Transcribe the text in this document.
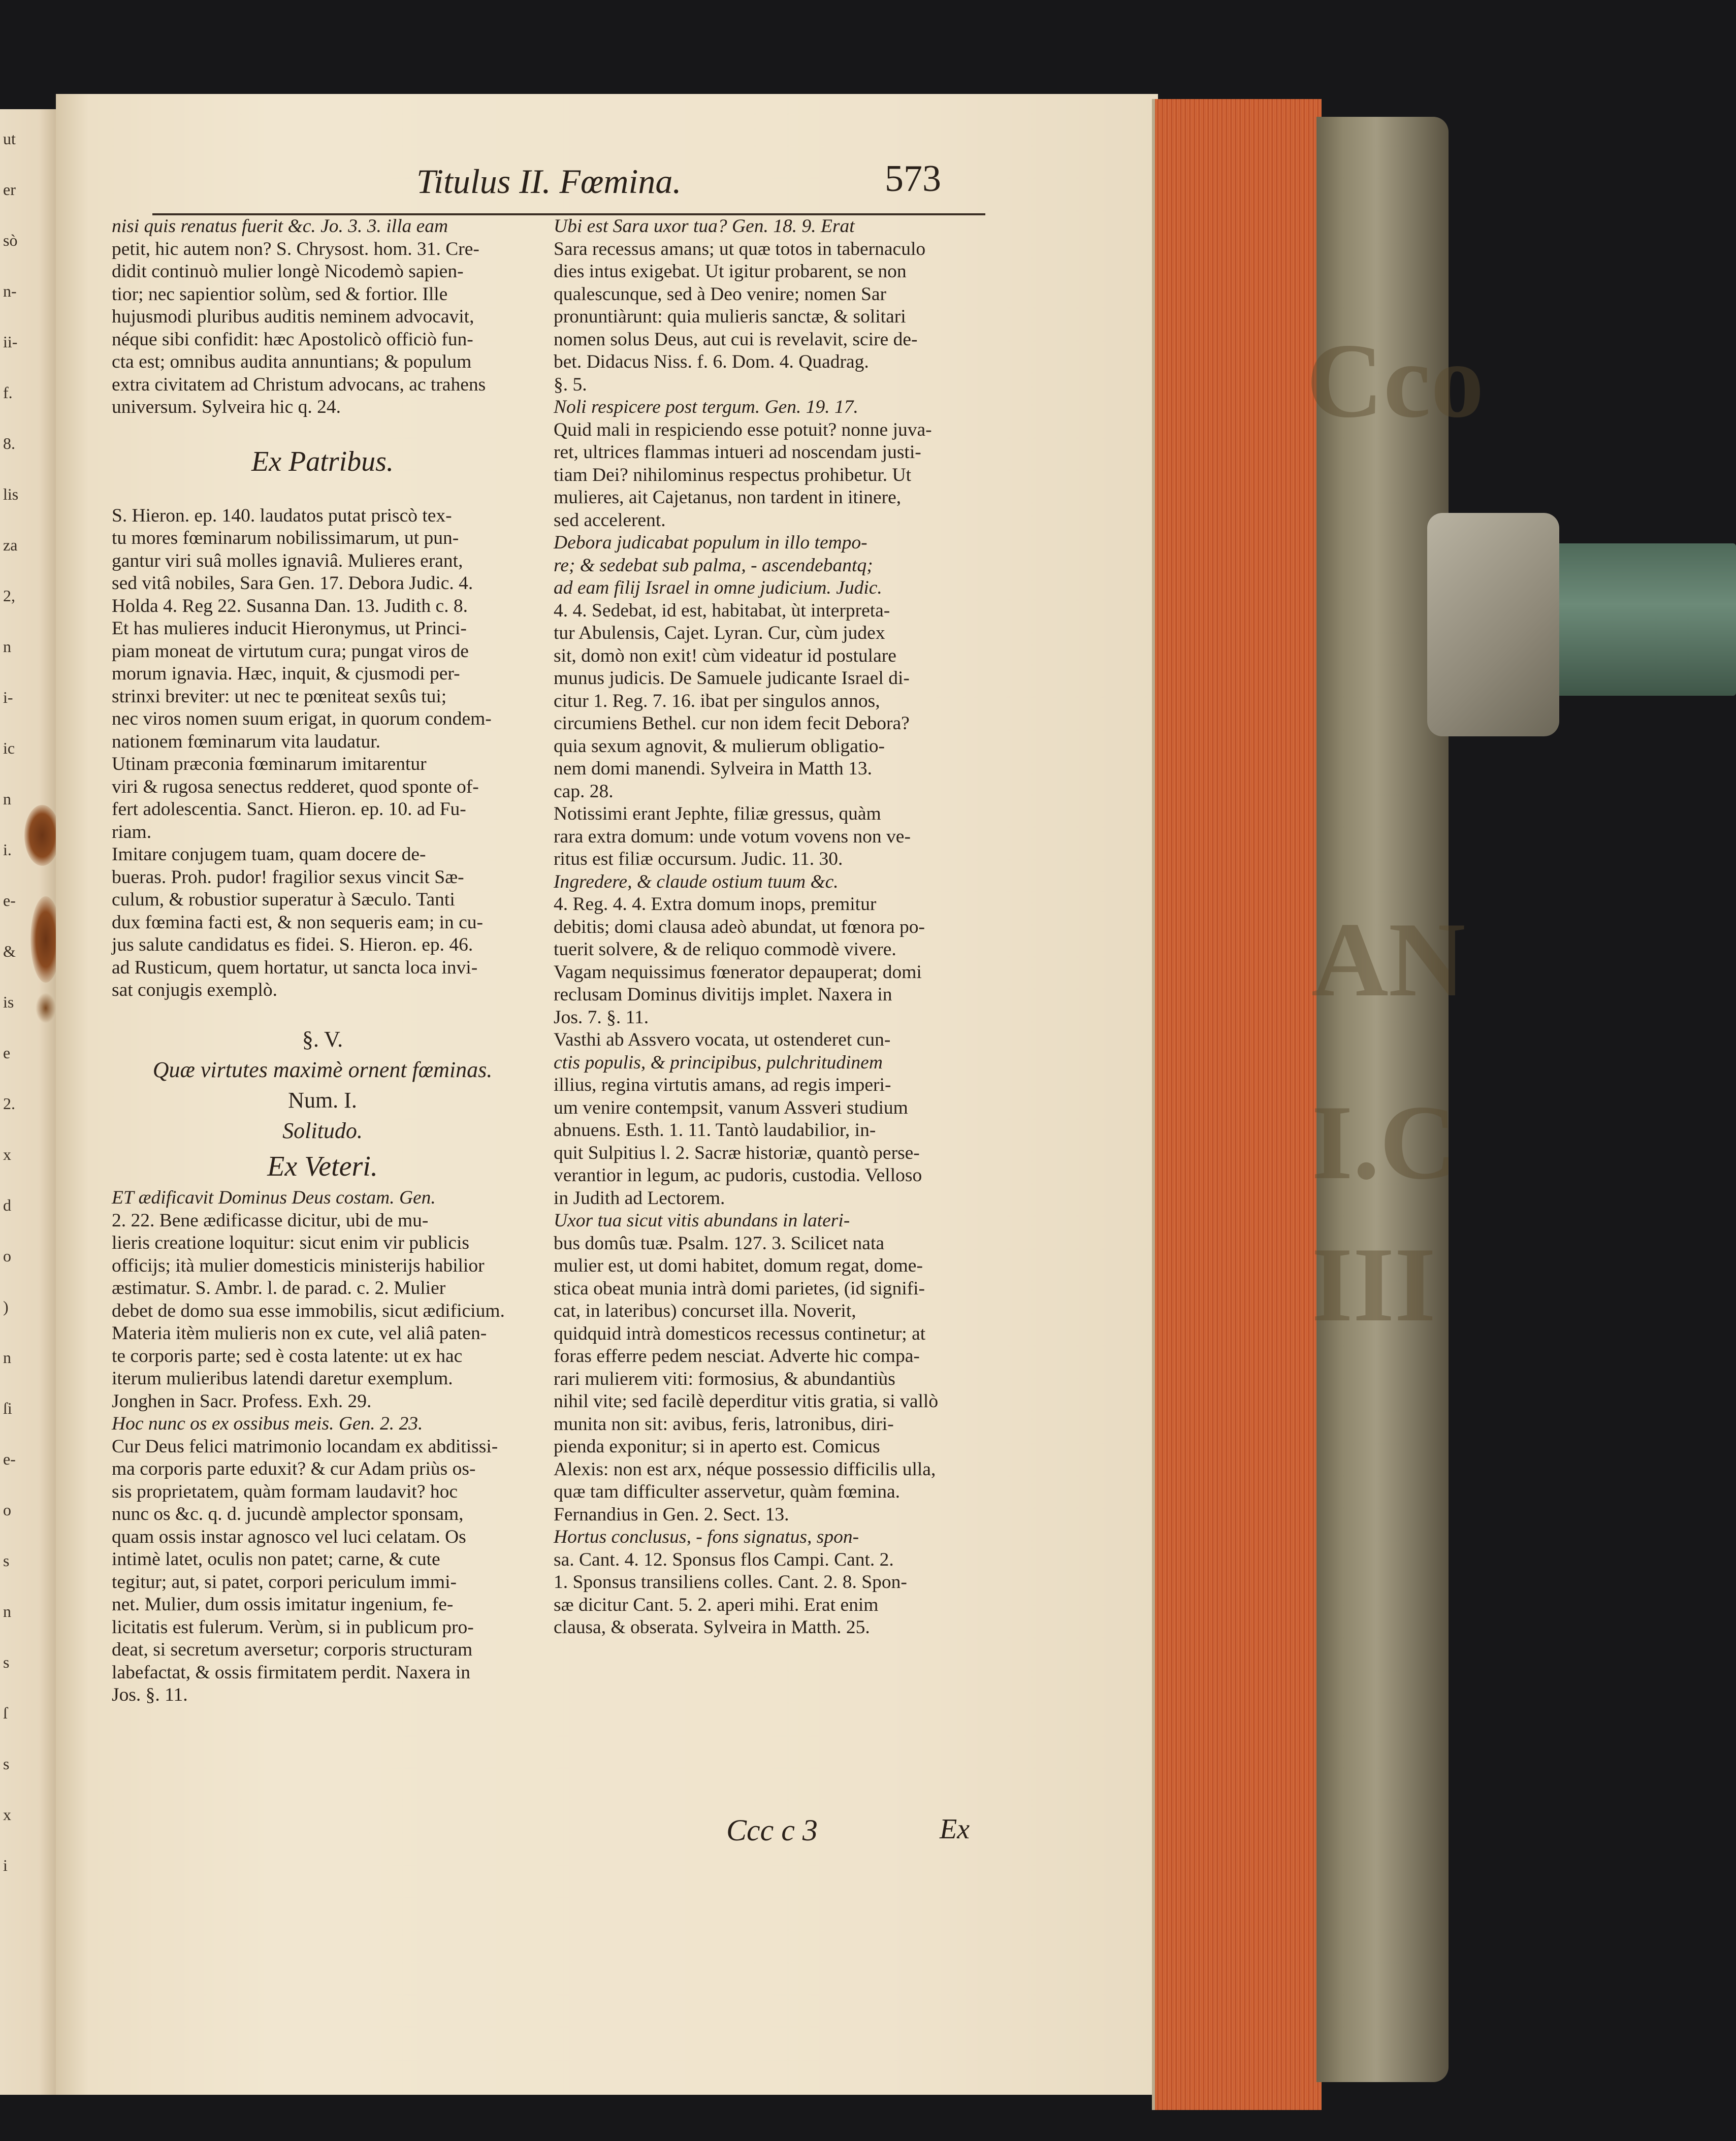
ut
er
sò
n-
ii-
f.
8.
lis
za
2,
n
i-
ic
n
i.
e-
&
is
e
2.
x
d
o
)
n
ſi
e-
o
s
n
s
ſ
s
x
i
Cco
AN
I.C
III
Titulus II. Fœmina.	573
nisi quis renatus fuerit &c. Jo. 3. 3. illa eam
petit, hic autem non? S. Chrysost. hom. 31. Cre-
didit continuò mulier longè Nicodemò sapien-
tior; nec sapientior solùm, sed & fortior. Ille
hujusmodi pluribus auditis neminem advocavit,
néque sibi confidit: hæc Apostolicò officiò fun-
cta est; omnibus audita annuntians; & populum
extra civitatem ad Christum advocans, ac trahens
universum. Sylveira hic q. 24.
Ex Patribus.
S. Hieron. ep. 140. laudatos putat priscò tex-
tu mores fœminarum nobilissimarum, ut pun-
gantur viri suâ molles ignaviâ. Mulieres erant,
sed vitâ nobiles, Sara Gen. 17. Debora Judic. 4.
Holda 4. Reg 22. Susanna Dan. 13. Judith c. 8.
Et has mulieres inducit Hieronymus, ut Princi-
piam moneat de virtutum cura; pungat viros de
morum ignavia. Hæc, inquit, & cjusmodi per-
strinxi breviter: ut nec te pœniteat sexûs tui;
nec viros nomen suum erigat, in quorum condem-
nationem fœminarum vita laudatur.
Utinam præconia fœminarum imitarentur
viri & rugosa senectus redderet, quod sponte of-
fert adolescentia. Sanct. Hieron. ep. 10. ad Fu-
riam.
Imitare conjugem tuam, quam docere de-
bueras. Proh. pudor! fragilior sexus vincit Sæ-
culum, & robustior superatur à Sæculo. Tanti
dux fœmina facti est, & non sequeris eam; in cu-
jus salute candidatus es fidei. S. Hieron. ep. 46.
ad Rusticum, quem hortatur, ut sancta loca invi-
sat conjugis exemplò.
§. V.
Quæ virtutes maximè ornent fœminas.
Num. I.
Solitudo.
Ex Veteri.
ET ædificavit Dominus Deus costam. Gen.
2. 22. Bene ædificasse dicitur, ubi de mu-
lieris creatione loquitur: sicut enim vir publicis
officijs; ità mulier domesticis ministerijs habilior
æstimatur. S. Ambr. l. de parad. c. 2. Mulier
debet de domo sua esse immobilis, sicut ædificium.
Materia itèm mulieris non ex cute, vel aliâ paten-
te corporis parte; sed è costa latente: ut ex hac
iterum mulieribus latendi daretur exemplum.
Jonghen in Sacr. Profess. Exh. 29.
Hoc nunc os ex ossibus meis. Gen. 2. 23.
Cur Deus felici matrimonio locandam ex abditissi-
ma corporis parte eduxit? & cur Adam priùs os-
sis proprietatem, quàm formam laudavit? hoc
nunc os &c. q. d. jucundè amplector sponsam,
quam ossis instar agnosco vel luci celatam. Os
intimè latet, oculis non patet; carne, & cute
tegitur; aut, si patet, corpori periculum immi-
net. Mulier, dum ossis imitatur ingenium, fe-
licitatis est fulerum. Verùm, si in publicum pro-
deat, si secretum aversetur; corporis structuram
labefactat, & ossis firmitatem perdit. Naxera in
Jos. §. 11.
Ubi est Sara uxor tua? Gen. 18. 9. Erat
Sara recessus amans; ut quæ totos in tabernaculo
dies intus exigebat. Ut igitur probarent, se non
qualescunque, sed à Deo venire; nomen Sar
pronuntiàrunt: quia mulieris sanctæ, & solitari
nomen solus Deus, aut cui is revelavit, scire de-
bet. Didacus Niss. f. 6. Dom. 4. Quadrag.
§. 5.
Noli respicere post tergum. Gen. 19. 17.
Quid mali in respiciendo esse potuit? nonne juva-
ret, ultrices flammas intueri ad noscendam justi-
tiam Dei? nihilominus respectus prohibetur. Ut
mulieres, ait Cajetanus, non tardent in itinere,
sed accelerent.
Debora judicabat populum in illo tempo-
re; & sedebat sub palma, - ascendebantq;
ad eam filij Israel in omne judicium. Judic.
4. 4. Sedebat, id est, habitabat, ùt interpreta-
tur Abulensis, Cajet. Lyran. Cur, cùm judex
sit, domò non exit! cùm videatur id postulare
munus judicis. De Samuele judicante Israel di-
citur 1. Reg. 7. 16. ibat per singulos annos,
circumiens Bethel. cur non idem fecit Debora?
quia sexum agnovit, & mulierum obligatio-
nem domi manendi. Sylveira in Matth 13.
cap. 28.
Notissimi erant Jephte, filiæ gressus, quàm
rara extra domum: unde votum vovens non ve-
ritus est filiæ occursum. Judic. 11. 30.
Ingredere, & claude ostium tuum &c.
4. Reg. 4. 4. Extra domum inops, premitur
debitis; domi clausa adeò abundat, ut fœnora po-
tuerit solvere, & de reliquo commodè vivere.
Vagam nequissimus fœnerator depauperat; domi
reclusam Dominus divitijs implet. Naxera in
Jos. 7. §. 11.
Vasthi ab Assvero vocata, ut ostenderet cun-
ctis populis, & principibus, pulchritudinem
illius, regina virtutis amans, ad regis imperi-
um venire contempsit, vanum Assveri studium
abnuens. Esth. 1. 11. Tantò laudabilior, in-
quit Sulpitius l. 2. Sacræ historiæ, quantò perse-
verantior in legum, ac pudoris, custodia. Velloso
in Judith ad Lectorem.
Uxor tua sicut vitis abundans in lateri-
bus domûs tuæ. Psalm. 127. 3. Scilicet nata
mulier est, ut domi habitet, domum regat, dome-
stica obeat munia intrà domi parietes, (id signifi-
cat, in lateribus) concurset illa. Noverit,
quidquid intrà domesticos recessus continetur; at
foras efferre pedem nesciat. Adverte hic compa-
rari mulierem viti: formosius, & abundantiùs
nihil vite; sed facilè deperditur vitis gratia, si vallò
munita non sit: avibus, feris, latronibus, diri-
pienda exponitur; si in aperto est. Comicus
Alexis: non est arx, néque possessio difficilis ulla,
quæ tam difficulter asservetur, quàm fœmina.
Fernandius in Gen. 2. Sect. 13.
Hortus conclusus, - fons signatus, spon-
sa. Cant. 4. 12. Sponsus flos Campi. Cant. 2.
1. Sponsus transiliens colles. Cant. 2. 8. Spon-
sæ dicitur Cant. 5. 2. aperi mihi. Erat enim
clausa, & obserata. Sylveira in Matth. 25.
Ccc c 3	Ex
